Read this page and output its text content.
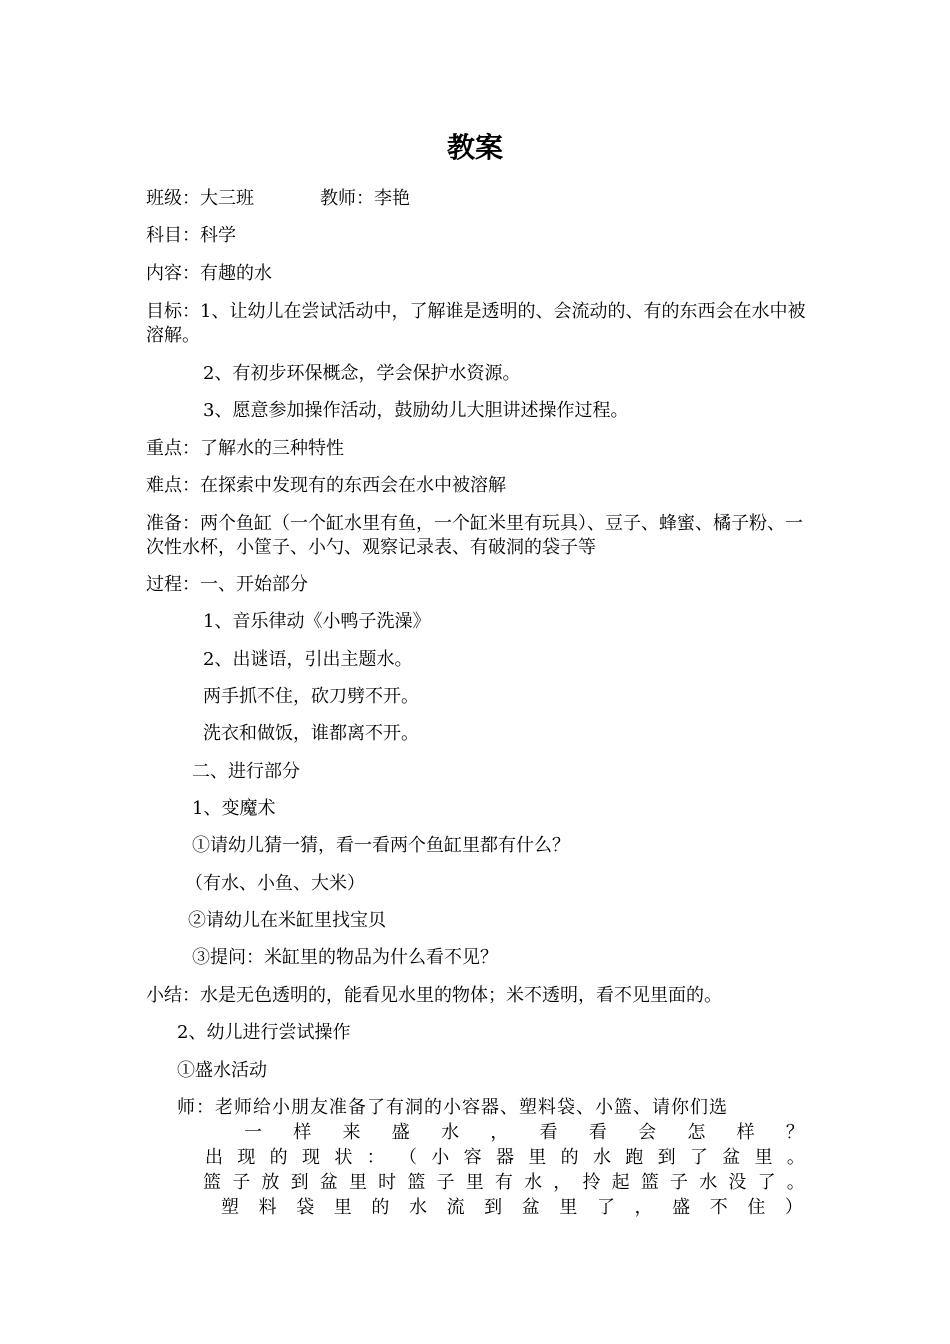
教案
班级：大三班	教师：李艳
科目：科学
内容：有趣的水
目标：1、让幼儿在尝试活动中，了解谁是透明的、会流动的、有的东西会在水中被溶解。
2、有初步环保概念，学会保护水资源。
3、愿意参加操作活动，鼓励幼儿大胆讲述操作过程。
重点：了解水的三种特性
难点：在探索中发现有的东西会在水中被溶解
准备：两个鱼缸（一个缸水里有鱼，一个缸米里有玩具）、豆子、蜂蜜、橘子粉、一次性水杯，小筐子、小勺、观察记录表、有破洞的袋子等
过程：一、开始部分
1、音乐律动《小鸭子洗澡》
2、出谜语，引出主题水。
两手抓不住，砍刀劈不开。
洗衣和做饭，谁都离不开。
二、进行部分
1、变魔术
①请幼儿猜一猜，看一看两个鱼缸里都有什么？
（有水、小鱼、大米）
②请幼儿在米缸里找宝贝
③提问：米缸里的物品为什么看不见？
小结：水是无色透明的，能看见水里的物体；米不透明，看不见里面的。
2、幼儿进行尝试操作
①盛水活动
师：老师给小朋友准备了有洞的小容器、塑料袋、小篮、请你们选
一 样 来 盛 水 ， 看 看 会 怎 样 ？
出 现 的 现 状 ： （ 小 容 器 里 的 水 跑 到 了 盆 里 。
篮 子 放 到 盆 里 时 篮 子 里 有 水 ， 拎 起 篮 子 水 没 了 。
塑 料 袋 里 的 水 流 到 盆 里 了 ， 盛 不 住 ）
